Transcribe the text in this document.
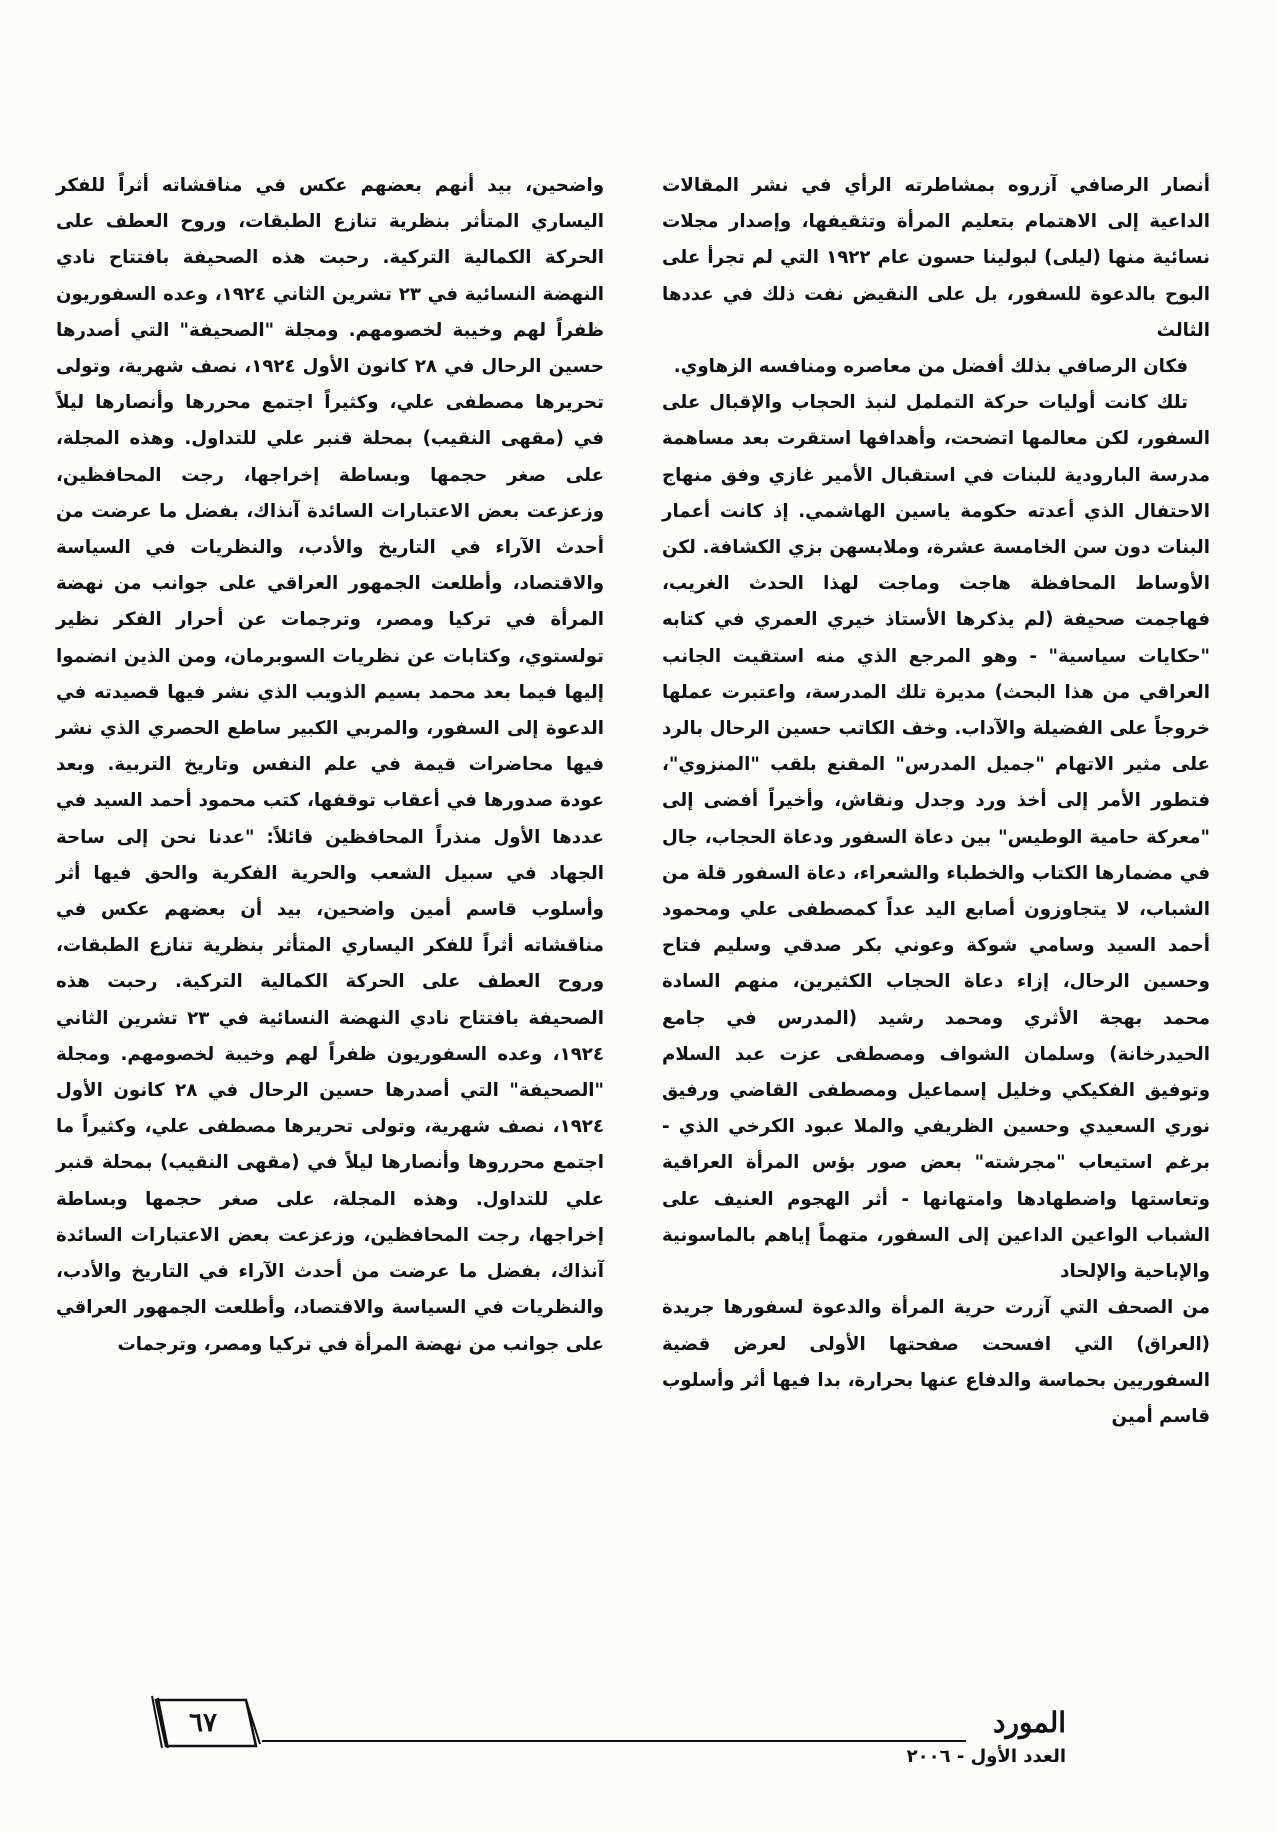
أنصار الرصافي آزروه بمشاطرته الرأي في نشر المقالات الداعية إلى الاهتمام بتعليم المرأة وتثقيفها، وإصدار مجلات نسائية منها (ليلى) لبولينا حسون عام ١٩٢٢ التي لم تجرأ على البوح بالدعوة للسفور، بل على النقيض نفت ذلك في عددها الثالث

فكان الرصافي بذلك أفضل من معاصره ومنافسه الزهاوي.

تلك كانت أوليات حركة التململ لنبذ الحجاب والإقبال على السفور، لكن معالمها اتضحت، وأهدافها استقرت بعد مساهمة مدرسة البارودية للبنات في استقبال الأمير غازي وفق منهاج الاحتفال الذي أعدته حكومة ياسين الهاشمي. إذ كانت أعمار البنات دون سن الخامسة عشرة، وملابسهن بزي الكشافة. لكن الأوساط المحافظة هاجت وماجت لهذا الحدث الغريب، فهاجمت صحيفة (لم يذكرها الأستاذ خيري العمري في كتابه "حكايات سياسية" - وهو المرجع الذي منه استقيت الجانب العراقي من هذا البحث) مديرة تلك المدرسة، واعتبرت عملها خروجاً على الفضيلة والآداب. وخف الكاتب حسين الرحال بالرد على مثير الاتهام "جميل المدرس" المقنع بلقب "المنزوي"، فتطور الأمر إلى أخذ ورد وجدل ونقاش، وأخيراً أفضى إلى "معركة حامية الوطيس" بين دعاة السفور ودعاة الحجاب، جال في مضمارها الكتاب والخطباء والشعراء، دعاة السفور قلة من الشباب، لا يتجاوزون أصابع اليد عداً كمصطفى علي ومحمود أحمد السيد وسامي شوكة وعوني بكر صدقي وسليم فتاح وحسين الرحال، إزاء دعاة الحجاب الكثيرين، منهم السادة محمد بهجة الأثري ومحمد رشيد (المدرس في جامع الحيدرخانة) وسلمان الشواف ومصطفى عزت عبد السلام وتوفيق الفكيكي وخليل إسماعيل ومصطفى القاضي ورفيق نوري السعيدي وحسين الظريفي والملا عبود الكرخي الذي - برغم استيعاب "مجرشته" بعض صور بؤس المرأة العراقية وتعاستها واضطهادها وامتهانها - أثر الهجوم العنيف على الشباب الواعين الداعين إلى السفور، متهماً إياهم بالماسونية والإباحية والإلحاد

من الصحف التي آزرت حرية المرأة والدعوة لسفورها جريدة (العراق) التي افسحت صفحتها الأولى لعرض قضية السفوريين بحماسة والدفاع عنها بحرارة، بدا فيها أثر وأسلوب قاسم أمين

واضحين، بيد أنهم بعضهم عكس في مناقشاته أثراً للفكر اليساري المتأثر بنظرية تنازع الطبقات، وروح العطف على الحركة الكمالية التركية. رحبت هذه الصحيفة بافتتاح نادي النهضة النسائية في ٢٣ تشرين الثاني ١٩٢٤، وعده السفوريون ظفراً لهم وخيبة لخصومهم. ومجلة "الصحيفة" التي أصدرها حسين الرحال في ٢٨ كانون الأول ١٩٢٤، نصف شهرية، وتولى تحريرها مصطفى علي، وكثيراً اجتمع محررها وأنصارها ليلاً في (مقهى النقيب) بمحلة قنبر علي للتداول. وهذه المجلة، على صغر حجمها وبساطة إخراجها، رجت المحافظين، وزعزعت بعض الاعتبارات السائدة آنذاك، بفضل ما عرضت من أحدث الآراء في التاريخ والأدب، والنظريات في السياسة والاقتصاد، وأطلعت الجمهور العراقي على جوانب من نهضة المرأة في تركيا ومصر، وترجمات عن أحرار الفكر نظير تولستوي، وكتابات عن نظريات السوبرمان، ومن الذين انضموا إليها فيما بعد محمد بسيم الذويب الذي نشر فيها قصيدته في الدعوة إلى السفور، والمربي الكبير ساطع الحصري الذي نشر فيها محاضرات قيمة في علم النفس وتاريخ التربية. وبعد عودة صدورها في أعقاب توقفها، كتب محمود أحمد السيد في عددها الأول منذراً المحافظين قائلاً: "عدنا نحن إلى ساحة الجهاد في سبيل الشعب والحرية الفكرية والحق فيها أثر وأسلوب قاسم أمين واضحين، بيد أن بعضهم عكس في مناقشاته أثراً للفكر اليساري المتأثر بنظرية تنازع الطبقات، وروح العطف على الحركة الكمالية التركية. رحبت هذه الصحيفة بافتتاح نادي النهضة النسائية في ٢٣ تشرين الثاني ١٩٢٤، وعده السفوريون ظفراً لهم وخيبة لخصومهم. ومجلة "الصحيفة" التي أصدرها حسين الرحال في ٢٨ كانون الأول ١٩٢٤، نصف شهرية، وتولى تحريرها مصطفى علي، وكثيراً ما اجتمع محرروها وأنصارها ليلاً في (مقهى النقيب) بمحلة قنبر علي للتداول. وهذه المجلة، على صغر حجمها وبساطة إخراجها، رجت المحافظين، وزعزعت بعض الاعتبارات السائدة آنذاك، بفضل ما عرضت من أحدث الآراء في التاريخ والأدب، والنظريات في السياسة والاقتصاد، وأطلعت الجمهور العراقي على جوانب من نهضة المرأة في تركيا ومصر، وترجمات

٦٧	المورد
العدد الأول - ٢٠٠٦
